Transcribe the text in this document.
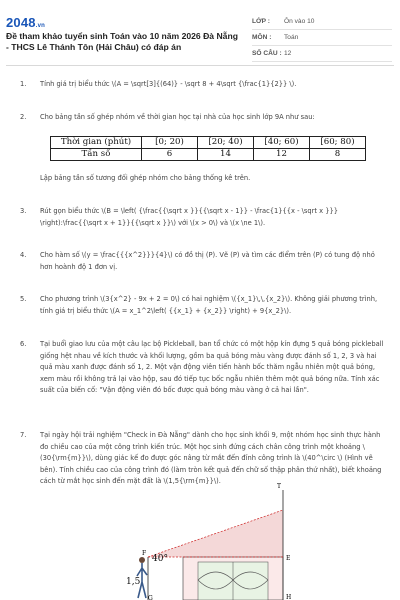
2048.vn
Đề tham khảo tuyển sinh Toán vào 10 năm 2026 Đà Nẵng - THCS Lê Thánh Tôn (Hải Châu) có đáp án
LỚP :	Ôn vào 10
MÔN :	Toán
SỐ CÂU : 12
1. Tính giá trị biểu thức \(A = \sqrt[3]{(64)} - \sqrt 8 + 4\sqrt {\frac{1}{2}} \).
2. Cho bảng tần số ghép nhóm về thời gian học tại nhà của học sinh lớp 9A như sau:
Thời gian (phút)	[0; 20)	[20; 40)	[40; 60)	[60; 80)
Tần số	6	14	12	8
Lập bảng tần số tương đối ghép nhóm cho bảng thống kê trên.
3. Rút gọn biểu thức \(B = \left( {\frac{{\sqrt x }}{{\sqrt x - 1}} - \frac{1}{{x - \sqrt x }}} \right):\frac{{\sqrt x + 1}}{{\sqrt x }}\) với \(x > 0\) và \(x \ne 1\).
4. Cho hàm số \(y = \frac{{{x^2}}}{4}\) có đồ thị (P). Vẽ (P) và tìm các điểm trên (P) có tung độ nhỏ hơn hoành độ 1 đơn vị.
5. Cho phương trình \(3{x^2} - 9x + 2 = 0\) có hai nghiệm \({x_1}\,\,{x_2}\). Không giải phương trình, tính giá trị biểu thức \(A = x_1^2\left( {{x_1} + {x_2}} \right) + 9{x_2}\).
6. Tại buổi giao lưu của một câu lạc bộ Pickleball, ban tổ chức có một hộp kín đựng 5 quả bóng pickleball giống hệt nhau về kích thước và khối lượng, gồm ba quả bóng màu vàng được đánh số 1, 2, 3 và hai quả màu xanh được đánh số 1, 2. Một vận động viên tiến hành bốc thăm ngẫu nhiên một quả bóng, xem màu rồi không trả lại vào hộp, sau đó tiếp tục bốc ngẫu nhiên thêm một quả bóng nữa. Tính xác suất của biến cố: "Vận động viên đó bốc được quả bóng màu vàng ở cả hai lần".
7. Tại ngày hội trải nghiệm "Check in Đà Nẵng" dành cho học sinh khối 9, một nhóm học sinh thực hành đo chiều cao của một công trình kiến trúc. Một học sinh đứng cách chân công trình một khoảng \(30{\rm{m}}\), dùng giác kế đo được góc nâng từ mắt đến đỉnh công trình là \(40^\circ \) (Hình vẽ bên). Tính chiều cao của công trình đó (làm tròn kết quả đến chữ số thập phân thứ nhất), biết khoảng cách từ mắt học sinh đến mặt đất là \(1,5{\rm{m}}\).
T
E
F
G	H
40°
1,5
